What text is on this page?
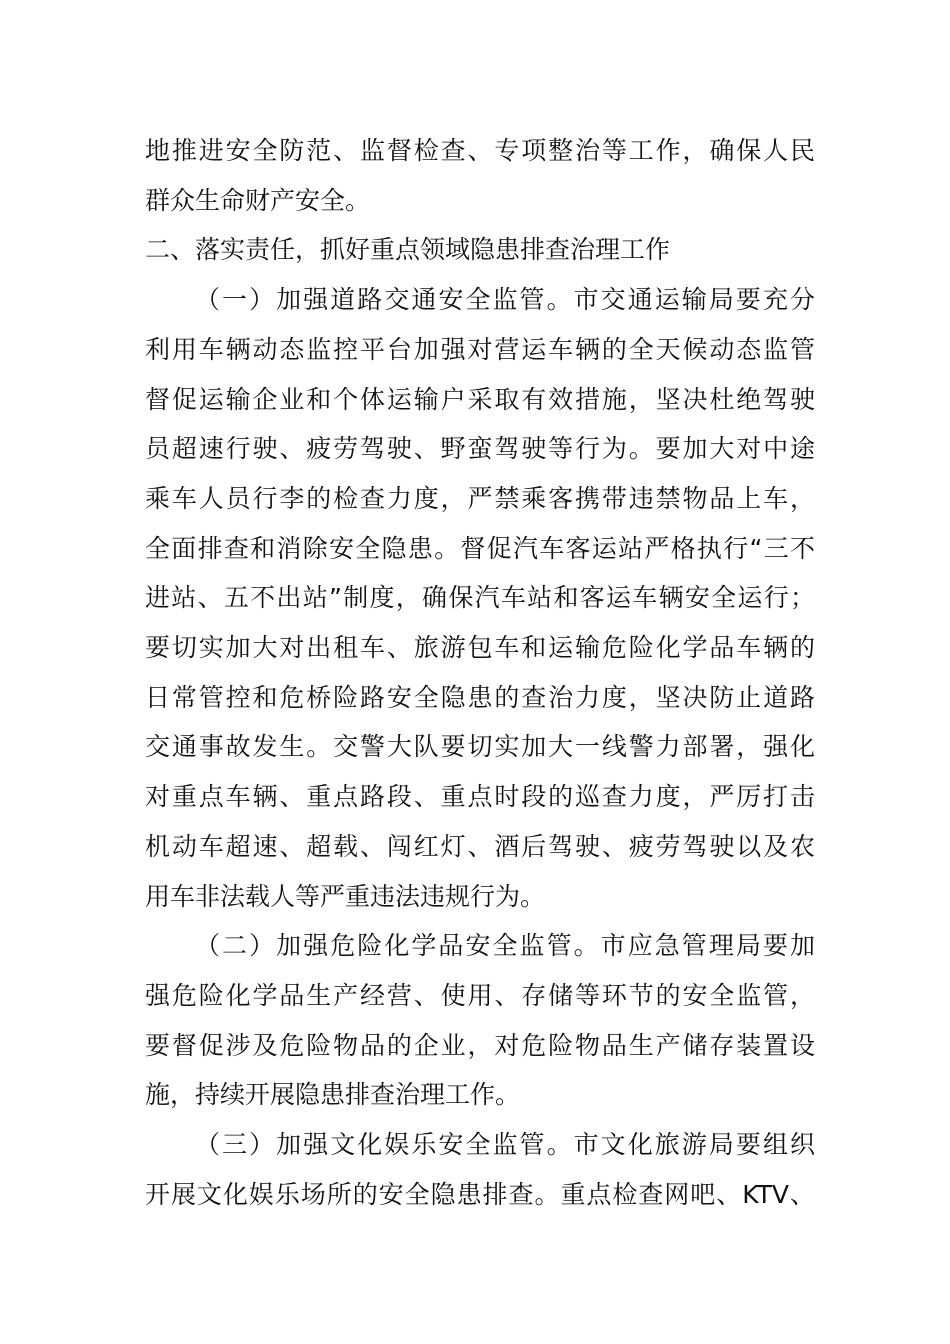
地推进安全防范、监督检查、专项整治等工作，确保人民
群众生命财产安全。

二、落实责任，抓好重点领域隐患排查治理工作

（一）加强道路交通安全监管。市交通运输局要充分
利用车辆动态监控平台加强对营运车辆的全天候动态监管
督促运输企业和个体运输户采取有效措施，坚决杜绝驾驶
员超速行驶、疲劳驾驶、野蛮驾驶等行为。要加大对中途
乘车人员行李的检查力度，严禁乘客携带违禁物品上车，
全面排查和消除安全隐患。督促汽车客运站严格执行“三不
进站、五不出站”制度，确保汽车站和客运车辆安全运行；
要切实加大对出租车、旅游包车和运输危险化学品车辆的
日常管控和危桥险路安全隐患的查治力度，坚决防止道路
交通事故发生。交警大队要切实加大一线警力部署，强化
对重点车辆、重点路段、重点时段的巡查力度，严厉打击
机动车超速、超载、闯红灯、酒后驾驶、疲劳驾驶以及农
用车非法载人等严重违法违规行为。

（二）加强危险化学品安全监管。市应急管理局要加
强危险化学品生产经营、使用、存储等环节的安全监管，
要督促涉及危险物品的企业，对危险物品生产储存装置设
施，持续开展隐患排查治理工作。

（三）加强文化娱乐安全监管。市文化旅游局要组织
开展文化娱乐场所的安全隐患排查。重点检查网吧、KTV、
